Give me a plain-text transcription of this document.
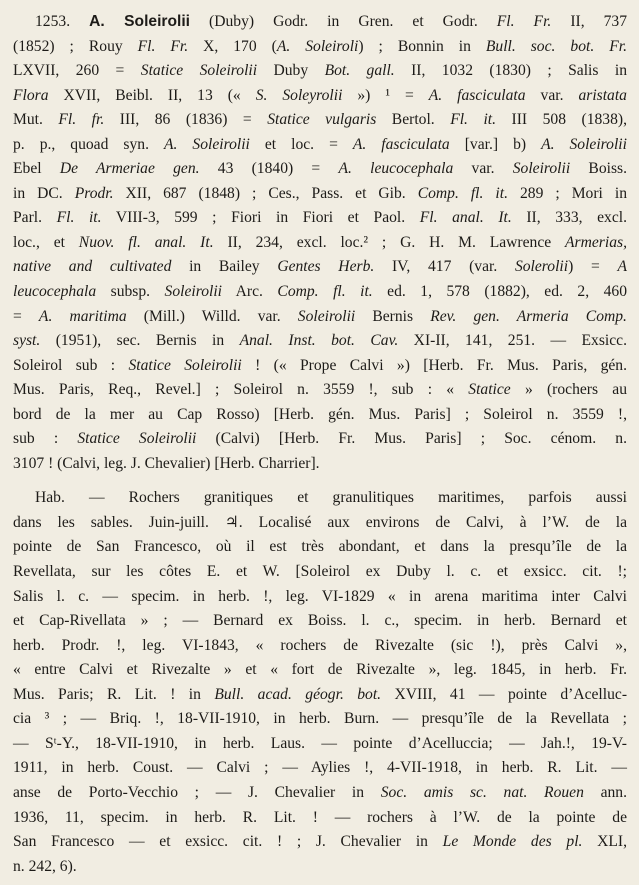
1253. A. Soleirolii (Duby) Godr. in Gren. et Godr. Fl. Fr. II, 737
(1852) ; Rouy Fl. Fr. X, 170 (A. Soleiroli) ; Bonnin in Bull. soc. bot. Fr.
LXVII, 260 = Statice Soleirolii Duby Bot. gall. II, 1032 (1830) ; Salis in
Flora XVII, Beibl. II, 13 (« S. Soleyrolii ») ¹ = A. fasciculata var. aristata
Mut. Fl. fr. III, 86 (1836) = Statice vulgaris Bertol. Fl. it. III 508 (1838),
p. p., quoad syn. A. Soleirolii et loc. = A. fasciculata [var.] b) A. Soleirolii
Ebel De Armeriae gen. 43 (1840) = A. leucocephala var. Soleirolii Boiss.
in DC. Prodr. XII, 687 (1848) ; Ces., Pass. et Gib. Comp. fl. it. 289 ; Mori in
Parl. Fl. it. VIII-3, 599 ; Fiori in Fiori et Paol. Fl. anal. It. II, 333, excl.
loc., et Nuov. fl. anal. It. II, 234, excl. loc.² ; G. H. M. Lawrence Armerias,
native and cultivated in Bailey Gentes Herb. IV, 417 (var. Solerolii) = A
leucocephala subsp. Soleirolii Arc. Comp. fl. it. ed. 1, 578 (1882), ed. 2, 460
= A. maritima (Mill.) Willd. var. Soleirolii Bernis Rev. gen. Armeria Comp.
syst. (1951), sec. Bernis in Anal. Inst. bot. Cav. XI-II, 141, 251. — Exsicc.
Soleirol sub : Statice Soleirolii ! (« Prope Calvi ») [Herb. Fr. Mus. Paris, gén.
Mus. Paris, Req., Revel.] ; Soleirol n. 3559 !, sub : « Statice » (rochers au
bord de la mer au Cap Rosso) [Herb. gén. Mus. Paris] ; Soleirol n. 3559 !,
sub : Statice Soleirolii (Calvi) [Herb. Fr. Mus. Paris] ; Soc. cénom. n.
3107 ! (Calvi, leg. J. Chevalier) [Herb. Charrier].

Hab. — Rochers granitiques et granulitiques maritimes, parfois aussi
dans les sables. Juin-juill. ♃. Localisé aux environs de Calvi, à l’W. de la
pointe de San Francesco, où il est très abondant, et dans la presqu’île de la
Revellata, sur les côtes E. et W. [Soleirol ex Duby l. c. et exsicc. cit. !;
Salis l. c. — specim. in herb. !, leg. VI-1829 « in arena maritima inter Calvi
et Cap-Rivellata » ; — Bernard ex Boiss. l. c., specim. in herb. Bernard et
herb. Prodr. !, leg. VI-1843, « rochers de Rivezalte (sic !), près Calvi »,
« entre Calvi et Rivezalte » et « fort de Rivezalte », leg. 1845, in herb. Fr.
Mus. Paris; R. Lit. ! in Bull. acad. géogr. bot. XVIII, 41 — pointe d’Acelluc-
cia ³ ; — Briq. !, 18-VII-1910, in herb. Burn. — presqu’île de la Revellata ;
— Sᵗ-Y., 18-VII-1910, in herb. Laus. — pointe d’Acelluccia; — Jah.!, 19-V-
1911, in herb. Coust. — Calvi ; — Aylies !, 4-VII-1918, in herb. R. Lit. —
anse de Porto-Vecchio ; — J. Chevalier in Soc. amis sc. nat. Rouen ann.
1936, 11, specim. in herb. R. Lit. ! — rochers à l’W. de la pointe de
San Francesco — et exsicc. cit. ! ; J. Chevalier in Le Monde des pl. XLI,
n. 242, 6).
